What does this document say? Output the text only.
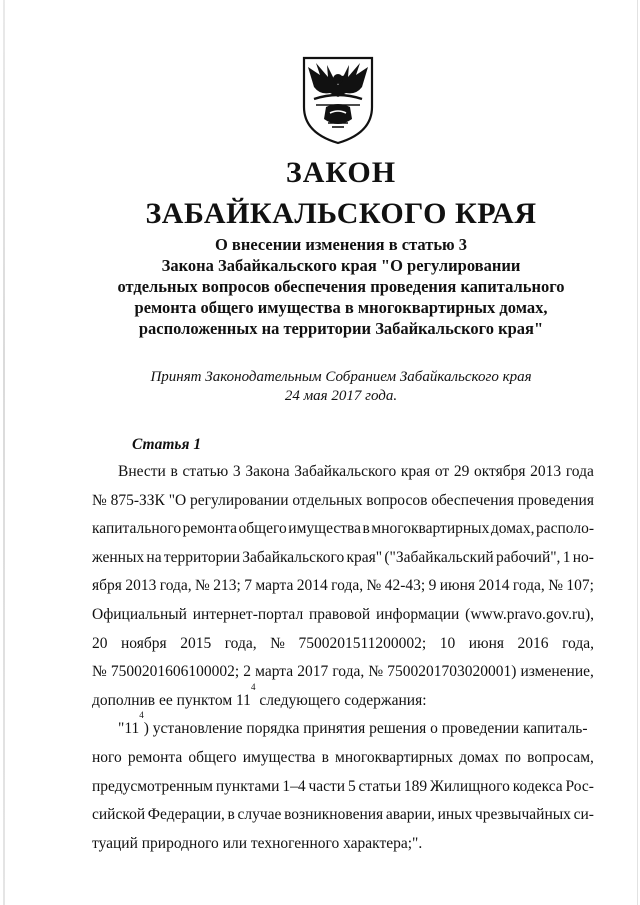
ЗАКОН
ЗАБАЙКАЛЬСКОГО КРАЯ
О внесении изменения в статью 3
Закона Забайкальского края "О регулировании
отдельных вопросов обеспечения проведения капитального
ремонта общего имущества в многоквартирных домах,
расположенных на территории Забайкальского края"
Принят Законодательным Собранием Забайкальского края
24 мая 2017 года.
Статья 1
Внести в статью 3 Закона Забайкальского края от 29 октября 2013 года
№ 875-ЗЗК "О регулировании отдельных вопросов обеспечения проведения
капитального ремонта общего имущества в многоквартирных домах, располо-
женных на территории Забайкальского края" ("Забайкальский рабочий", 1 но-
ября 2013 года, № 213; 7 марта 2014 года, № 42-43; 9 июня 2014 года, № 107;
Официальный интернет-портал правовой информации (www.pravo.gov.ru),
20 ноября 2015 года, № 7500201511200002; 10 июня 2016 года,
№ 7500201606100002; 2 марта 2017 года, № 7500201703020001) изменение,
дополнив ее пунктом 11
4
следующего содержания:
"11
4
) установление порядка принятия решения о проведении капиталь-
ного ремонта общего имущества в многоквартирных домах по вопросам,
предусмотренным пунктами 1–4 части 5 статьи 189 Жилищного кодекса Рос-
сийской Федерации, в случае возникновения аварии, иных чрезвычайных си-
туаций природного или техногенного характера;".
